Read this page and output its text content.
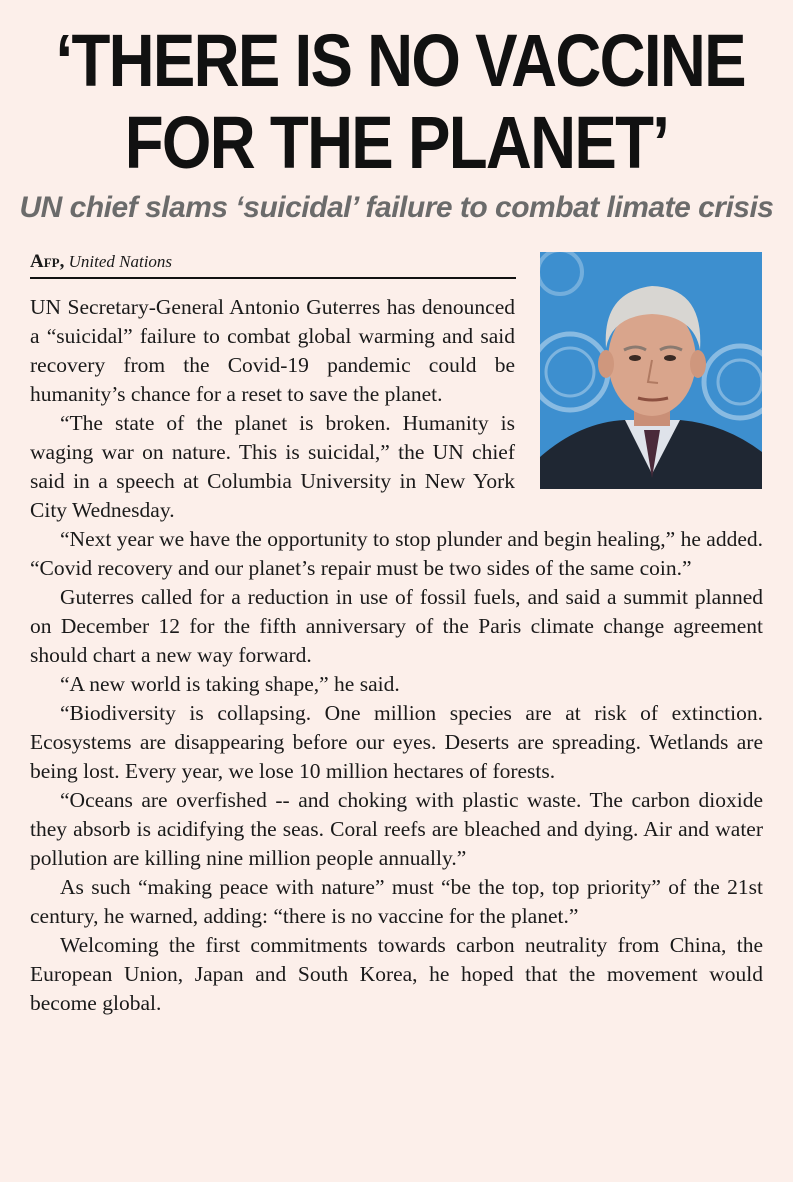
‘THERE IS NO VACCINE
FOR THE PLANET’
UN chief slams ‘suicidal’ failure to combat limate crisis
Afp, United Nations

UN Secretary-General Antonio Guterres has denounced a “suicidal” failure to combat global warming and said recovery from the Covid-19 pandemic could be humanity’s chance for a reset to save the planet.

“The state of the planet is broken. Humanity is waging war on nature. This is suicidal,” the UN chief said in a speech at Columbia University in New York City Wednesday.

“Next year we have the opportunity to stop plunder and begin healing,” he added. “Covid recovery and our planet’s repair must be two sides of the same coin.”

Guterres called for a reduction in use of fossil fuels, and said a summit planned on December 12 for the fifth anniversary of the Paris climate change agreement should chart a new way forward.

“A new world is taking shape,” he said.

“Biodiversity is collapsing. One million species are at risk of extinction. Ecosystems are disappearing before our eyes. Deserts are spreading. Wetlands are being lost. Every year, we lose 10 million hectares of forests.

“Oceans are overfished -- and choking with plastic waste. The carbon dioxide they absorb is acidifying the seas. Coral reefs are bleached and dying. Air and water pollution are killing nine million people annually.”

As such “making peace with nature” must “be the top, top priority” of the 21st century, he warned, adding: “there is no vaccine for the planet.”

Welcoming the first commitments towards carbon neutrality from China, the European Union, Japan and South Korea, he hoped that the movement would become global.
